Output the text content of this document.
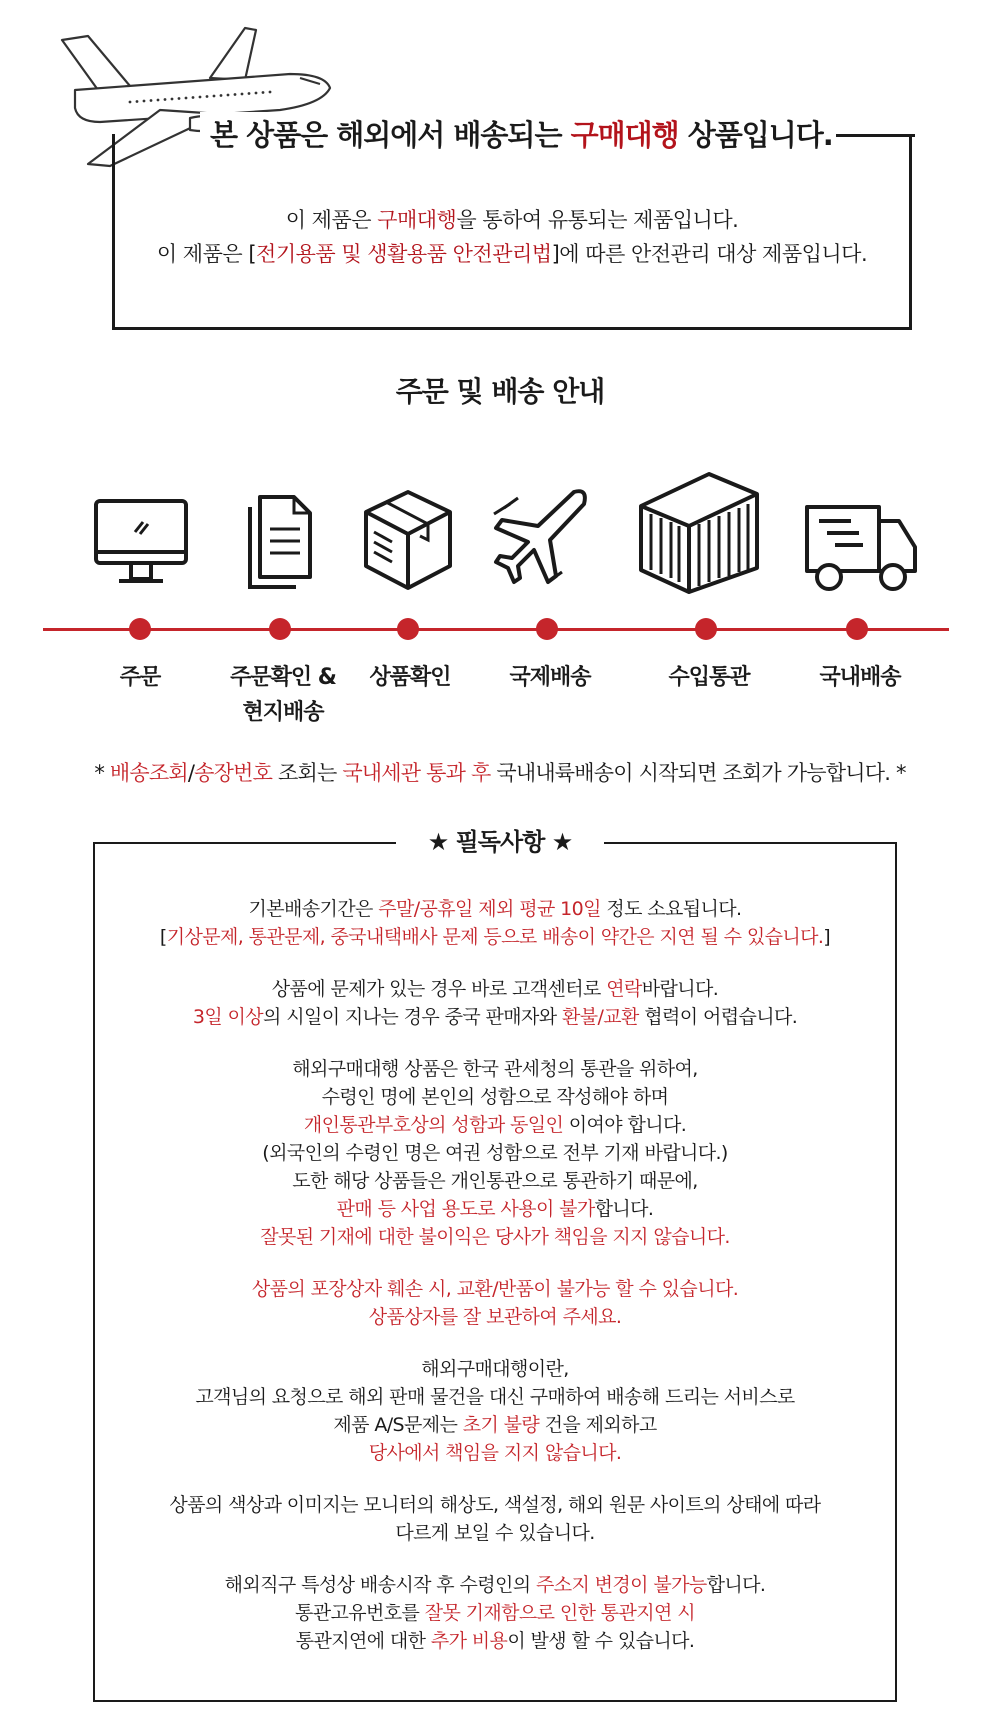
본 상품은 해외에서 배송되는 구매대행 상품입니다.
이 제품은 구매대행을 통하여 유통되는 제품입니다.
이 제품은 [전기용품 및 생활용품 안전관리법]에 따른 안전관리 대상 제품입니다.
주문 및 배송 안내
주문	주문확인 &
현지배송
상품확인	국제배송	수입통관	국내배송
* 배송조회/송장번호 조회는 국내세관 통과 후 국내내륙배송이 시작되면 조회가 가능합니다. *
★ 필독사항 ★
기본배송기간은 주말/공휴일 제외 평균 10일 정도 소요됩니다.
[기상문제, 통관문제, 중국내택배사 문제 등으로 배송이 약간은 지연 될 수 있습니다.]
상품에 문제가 있는 경우 바로 고객센터로 연락바랍니다.
3일 이상의 시일이 지나는 경우 중국 판매자와 환불/교환 협력이 어렵습니다.
해외구매대행 상품은 한국 관세청의 통관을 위하여,
수령인 명에 본인의 성함으로 작성해야 하며
개인통관부호상의 성함과 동일인 이여야 합니다.
(외국인의 수령인 명은 여권 성함으로 전부 기재 바랍니다.)
도한 해당 상품들은 개인통관으로 통관하기 때문에,
판매 등 사업 용도로 사용이 불가합니다.
잘못된 기재에 대한 불이익은 당사가 책임을 지지 않습니다.
상품의 포장상자 훼손 시, 교환/반품이 불가능 할 수 있습니다.
상품상자를 잘 보관하여 주세요.
해외구매대행이란,
고객님의 요청으로 해외 판매 물건을 대신 구매하여 배송해 드리는 서비스로
제품 A/S문제는 초기 불량 건을 제외하고
당사에서 책임을 지지 않습니다.
상품의 색상과 이미지는 모니터의 해상도, 색설정, 해외 원문 사이트의 상태에 따라
다르게 보일 수 있습니다.
해외직구 특성상 배송시작 후 수령인의 주소지 변경이 불가능합니다.
통관고유번호를 잘못 기재함으로 인한 통관지연 시
통관지연에 대한 추가 비용이 발생 할 수 있습니다.
